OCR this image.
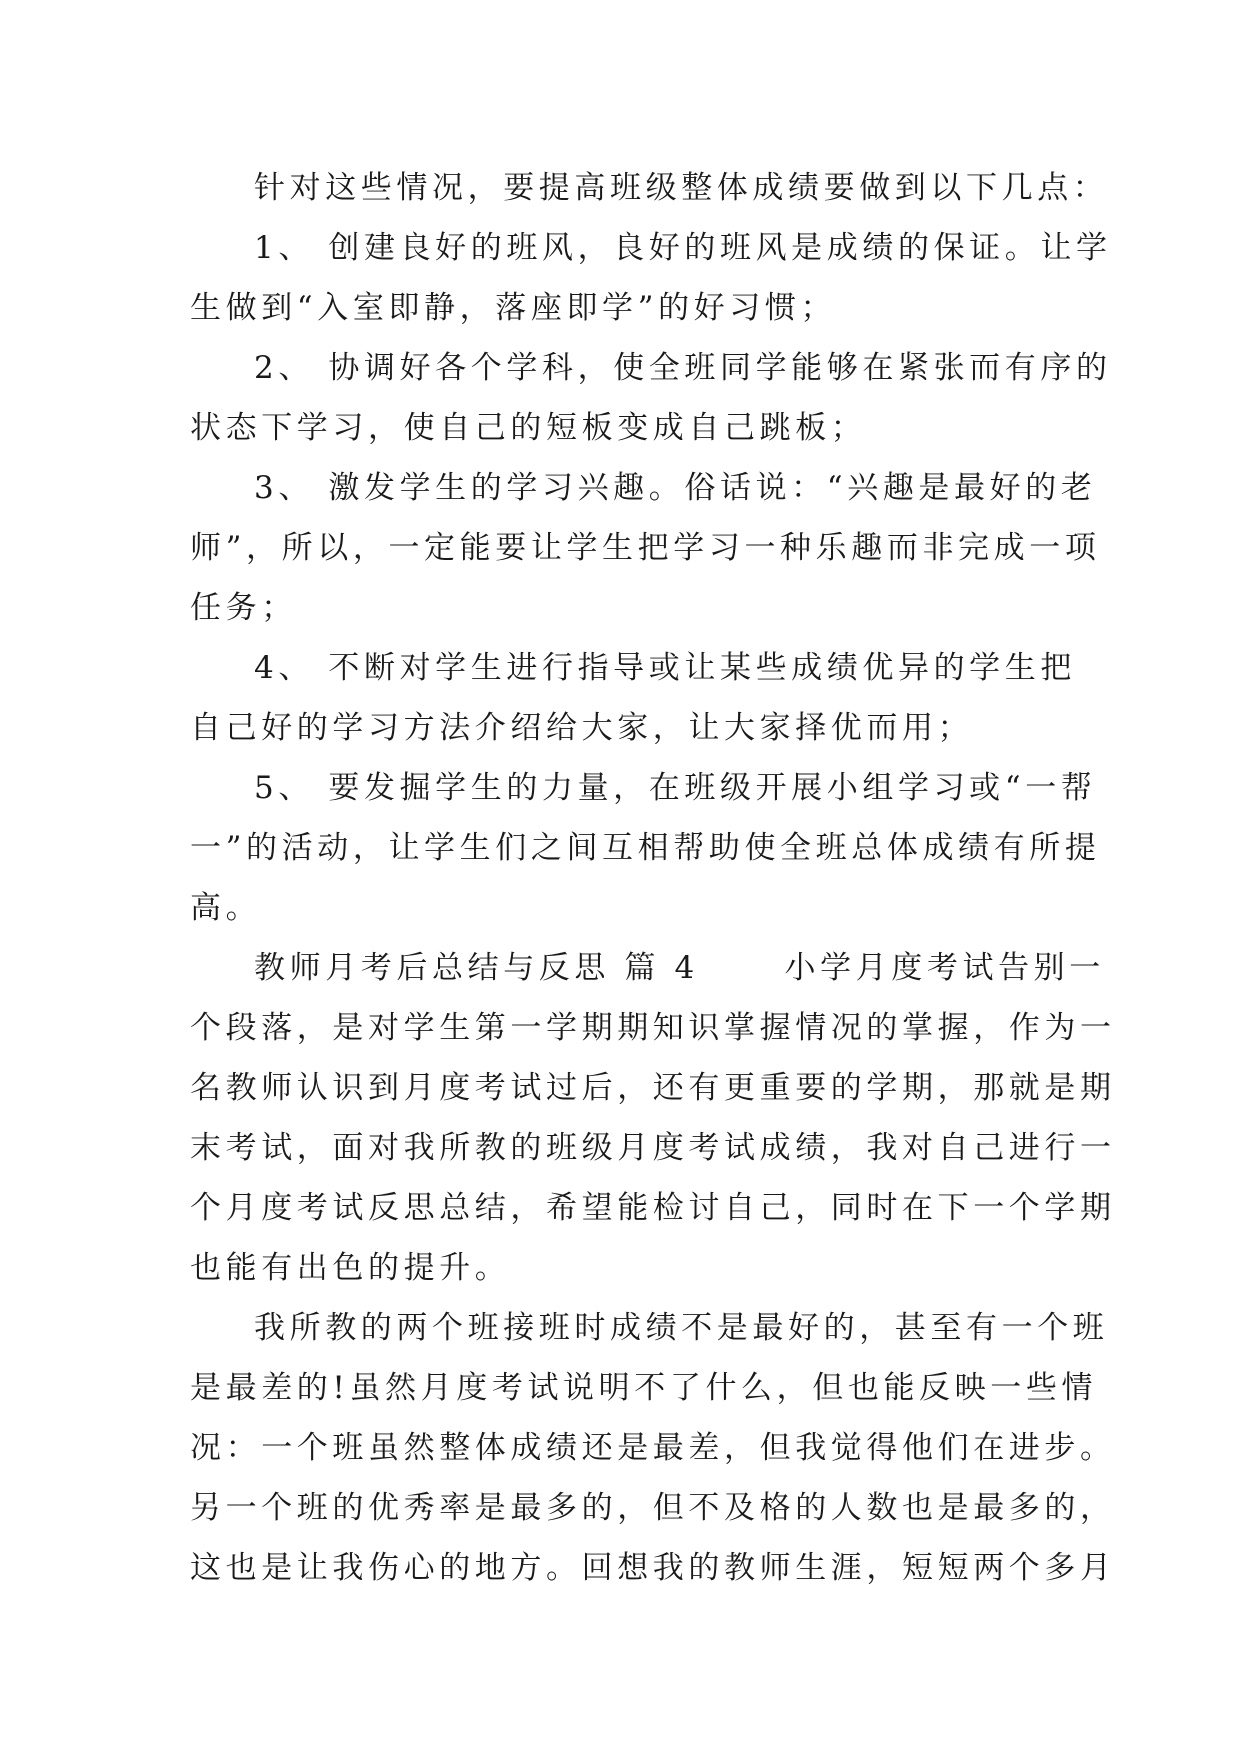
针对这些情况，要提高班级整体成绩要做到以下几点：
1、 创建良好的班风，良好的班风是成绩的保证。让学
生做到“入室即静，落座即学”的好习惯；
2、 协调好各个学科，使全班同学能够在紧张而有序的
状态下学习，使自己的短板变成自己跳板；
3、 激发学生的学习兴趣。俗话说：“兴趣是最好的老
师”，所以，一定能要让学生把学习一种乐趣而非完成一项
任务；
4、 不断对学生进行指导或让某些成绩优异的学生把
自己好的学习方法介绍给大家，让大家择优而用；
5、 要发掘学生的力量，在班级开展小组学习或“一帮
一”的活动，让学生们之间互相帮助使全班总体成绩有所提
高。
教师月考后总结与反思 篇 4 　　小学月度考试告别一
个段落，是对学生第一学期期知识掌握情况的掌握，作为一
名教师认识到月度考试过后，还有更重要的学期，那就是期
末考试，面对我所教的班级月度考试成绩，我对自己进行一
个月度考试反思总结，希望能检讨自己，同时在下一个学期
也能有出色的提升。
我所教的两个班接班时成绩不是最好的，甚至有一个班
是最差的!虽然月度考试说明不了什么，但也能反映一些情
况：一个班虽然整体成绩还是最差，但我觉得他们在进步。
另一个班的优秀率是最多的，但不及格的人数也是最多的，
这也是让我伤心的地方。回想我的教师生涯，短短两个多月
